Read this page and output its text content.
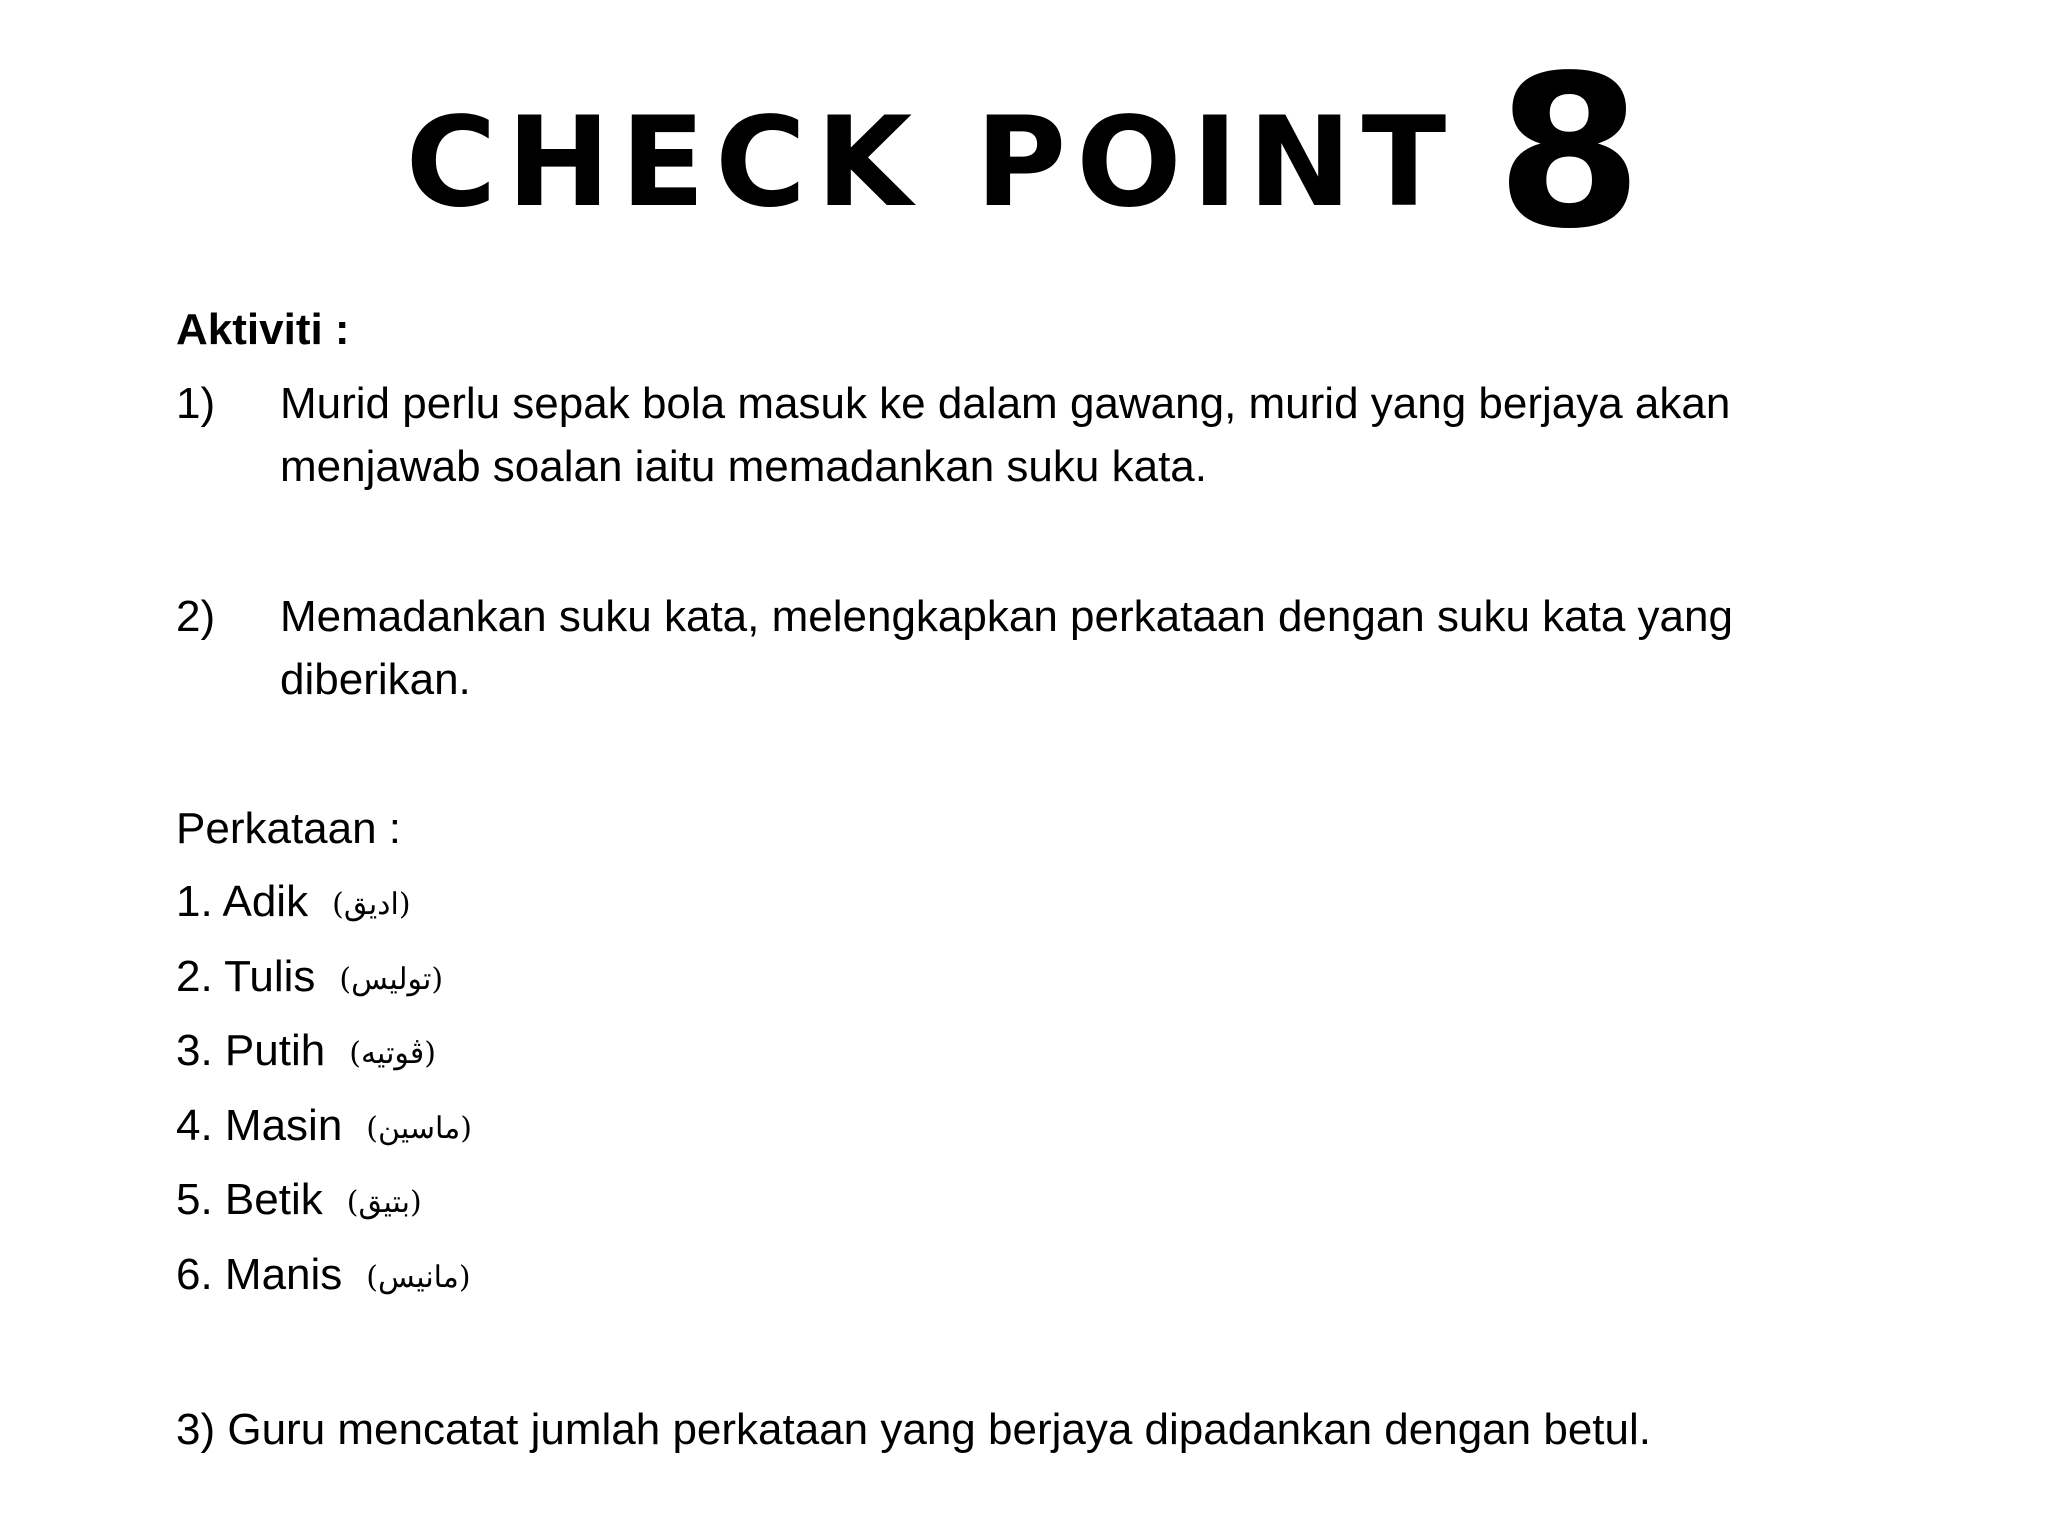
CHECK POINT 8
Aktiviti :
1) Murid perlu sepak bola masuk ke dalam gawang, murid yang berjaya akan menjawab soalan iaitu memadankan suku kata.
2) Memadankan suku kata, melengkapkan perkataan dengan suku kata yang diberikan.
Perkataan :
1. Adik (اديق)
2. Tulis (توليس)
3. Putih (ڤوتيه)
4. Masin (ماسين)
5. Betik (بتيق)
6. Manis (مانيس)
3) Guru mencatat jumlah perkataan yang berjaya dipadankan dengan betul.
